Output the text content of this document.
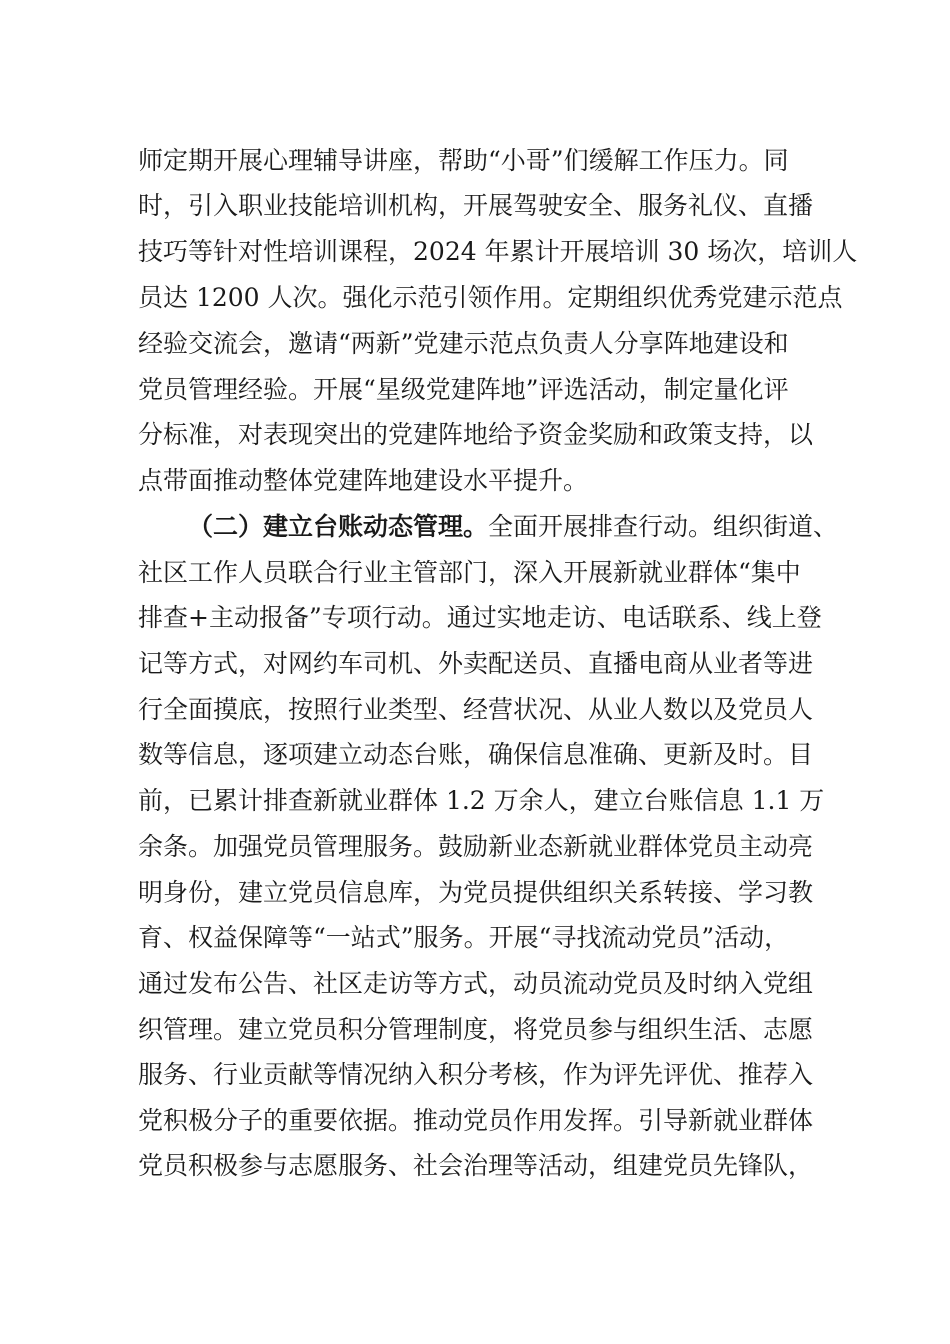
师定期开展心理辅导讲座，帮助“小哥”们缓解工作压力。同
时，引入职业技能培训机构，开展驾驶安全、服务礼仪、直播
技巧等针对性培训课程，2024 年累计开展培训 30 场次，培训人
员达 1200 人次。强化示范引领作用。定期组织优秀党建示范点
经验交流会，邀请“两新”党建示范点负责人分享阵地建设和
党员管理经验。开展“星级党建阵地”评选活动，制定量化评
分标准，对表现突出的党建阵地给予资金奖励和政策支持，以
点带面推动整体党建阵地建设水平提升。
（二）建立台账动态管理。全面开展排查行动。组织街道、
社区工作人员联合行业主管部门，深入开展新就业群体“集中
排查+主动报备”专项行动。通过实地走访、电话联系、线上登
记等方式，对网约车司机、外卖配送员、直播电商从业者等进
行全面摸底，按照行业类型、经营状况、从业人数以及党员人
数等信息，逐项建立动态台账，确保信息准确、更新及时。目
前，已累计排查新就业群体 1.2 万余人，建立台账信息 1.1 万
余条。加强党员管理服务。鼓励新业态新就业群体党员主动亮
明身份，建立党员信息库，为党员提供组织关系转接、学习教
育、权益保障等“一站式”服务。开展“寻找流动党员”活动，
通过发布公告、社区走访等方式，动员流动党员及时纳入党组
织管理。建立党员积分管理制度，将党员参与组织生活、志愿
服务、行业贡献等情况纳入积分考核，作为评先评优、推荐入
党积极分子的重要依据。推动党员作用发挥。引导新就业群体
党员积极参与志愿服务、社会治理等活动，组建党员先锋队，
